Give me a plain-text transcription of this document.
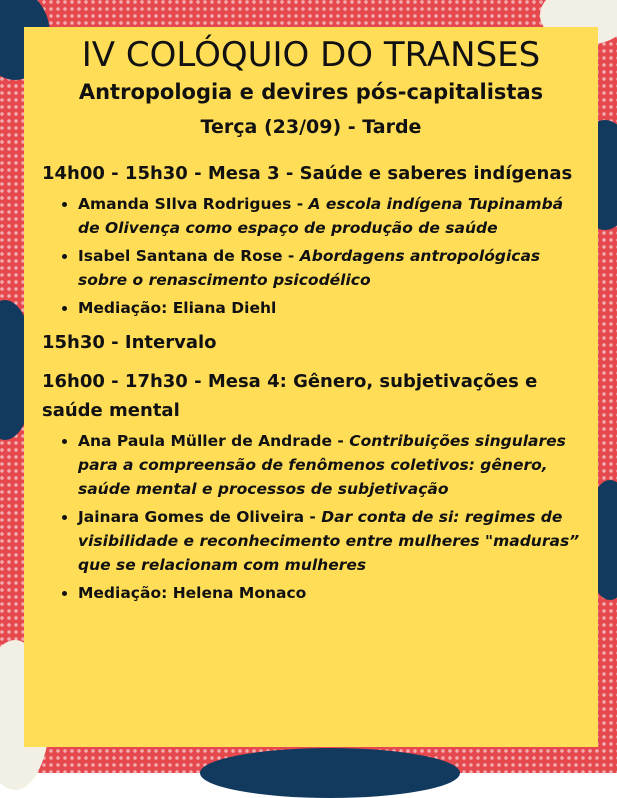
IV COLÓQUIO DO TRANSES
Antropologia e devires pós-capitalistas
Terça (23/09) - Tarde
14h00 - 15h30 - Mesa 3 - Saúde e saberes indígenas
• Amanda SIlva Rodrigues - A escola indígena Tupinambá de Olivença como espaço de produção de saúde
• Isabel Santana de Rose - Abordagens antropológicas sobre o renascimento psicodélico
• Mediação: Eliana Diehl
15h30 - Intervalo
16h00 - 17h30 - Mesa 4: Gênero, subjetivações e saúde mental
• Ana Paula Müller de Andrade - Contribuições singulares para a compreensão de fenômenos coletivos: gênero, saúde mental e processos de subjetivação
• Jainara Gomes de Oliveira - Dar conta de si: regimes de visibilidade e reconhecimento entre mulheres "maduras” que se relacionam com mulheres
• Mediação: Helena Monaco
